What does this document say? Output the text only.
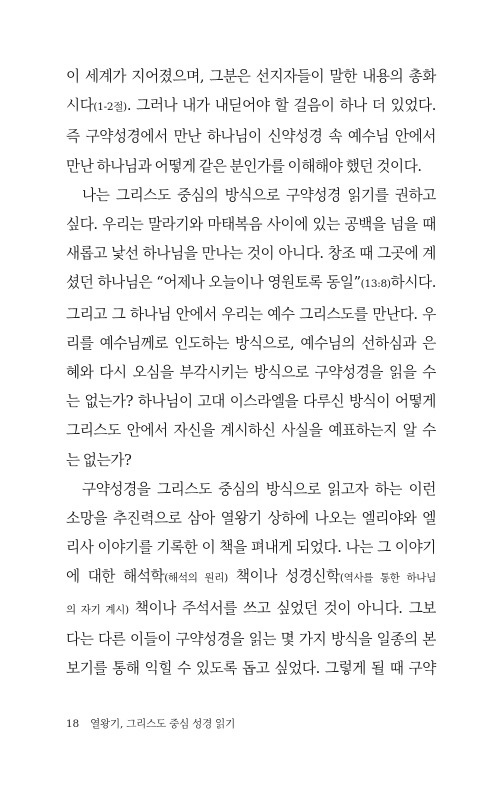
이 세계가 지어졌으며, 그분은 선지자들이 말한 내용의 총화

시다(1-2절). 그러나 내가 내딛어야 할 걸음이 하나 더 있었다.

즉 구약성경에서 만난 하나님이 신약성경 속 예수님 안에서

만난 하나님과 어떻게 같은 분인가를 이해해야 했던 것이다.

나는 그리스도 중심의 방식으로 구약성경 읽기를 권하고

싶다. 우리는 말라기와 마태복음 사이에 있는 공백을 넘을 때

새롭고 낯선 하나님을 만나는 것이 아니다. 창조 때 그곳에 계

셨던 하나님은 “어제나 오늘이나 영원토록 동일”(13:8)하시다.

그리고 그 하나님 안에서 우리는 예수 그리스도를 만난다. 우

리를 예수님께로 인도하는 방식으로, 예수님의 선하심과 은

혜와 다시 오심을 부각시키는 방식으로 구약성경을 읽을 수

는 없는가? 하나님이 고대 이스라엘을 다루신 방식이 어떻게

그리스도 안에서 자신을 계시하신 사실을 예표하는지 알 수

는 없는가?

구약성경을 그리스도 중심의 방식으로 읽고자 하는 이런

소망을 추진력으로 삼아 열왕기 상하에 나오는 엘리야와 엘

리사 이야기를 기록한 이 책을 펴내게 되었다. 나는 그 이야기

에 대한 해석학(해석의 원리) 책이나 성경신학(역사를 통한 하나님

의 자기 계시) 책이나 주석서를 쓰고 싶었던 것이 아니다. 그보

다는 다른 이들이 구약성경을 읽는 몇 가지 방식을 일종의 본

보기를 통해 익힐 수 있도록 돕고 싶었다. 그렇게 될 때 구약

18 열왕기, 그리스도 중심 성경 읽기
